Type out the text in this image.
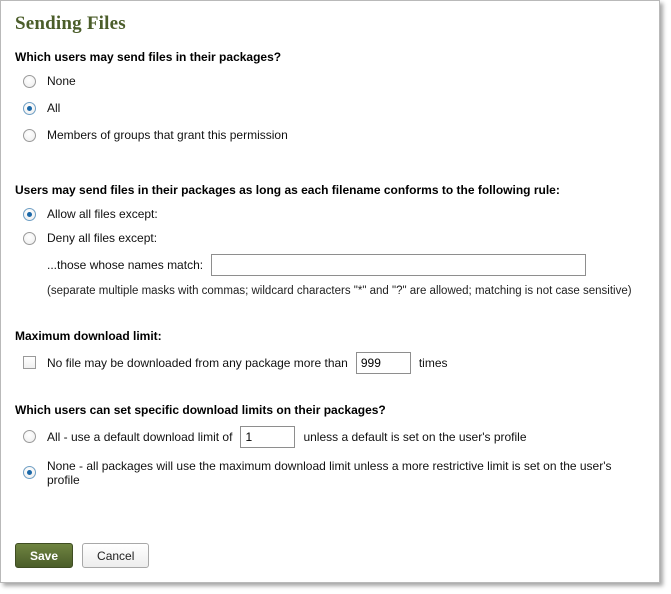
Sending Files
Which users may send files in their packages?
None
All
Members of groups that grant this permission
Users may send files in their packages as long as each filename conforms to the following rule:
Allow all files except:
Deny all files except:
...those whose names match:
(separate multiple masks with commas; wildcard characters "*" and "?" are allowed; matching is not case sensitive)
Maximum download limit:
No file may be downloaded from any package more than
999	times
Which users can set specific download limits on their packages?
All - use a default download limit of
1	unless a default is set on the user's profile
None - all packages will use the maximum download limit unless a more restrictive limit is set on the user's profile
Save	Cancel
